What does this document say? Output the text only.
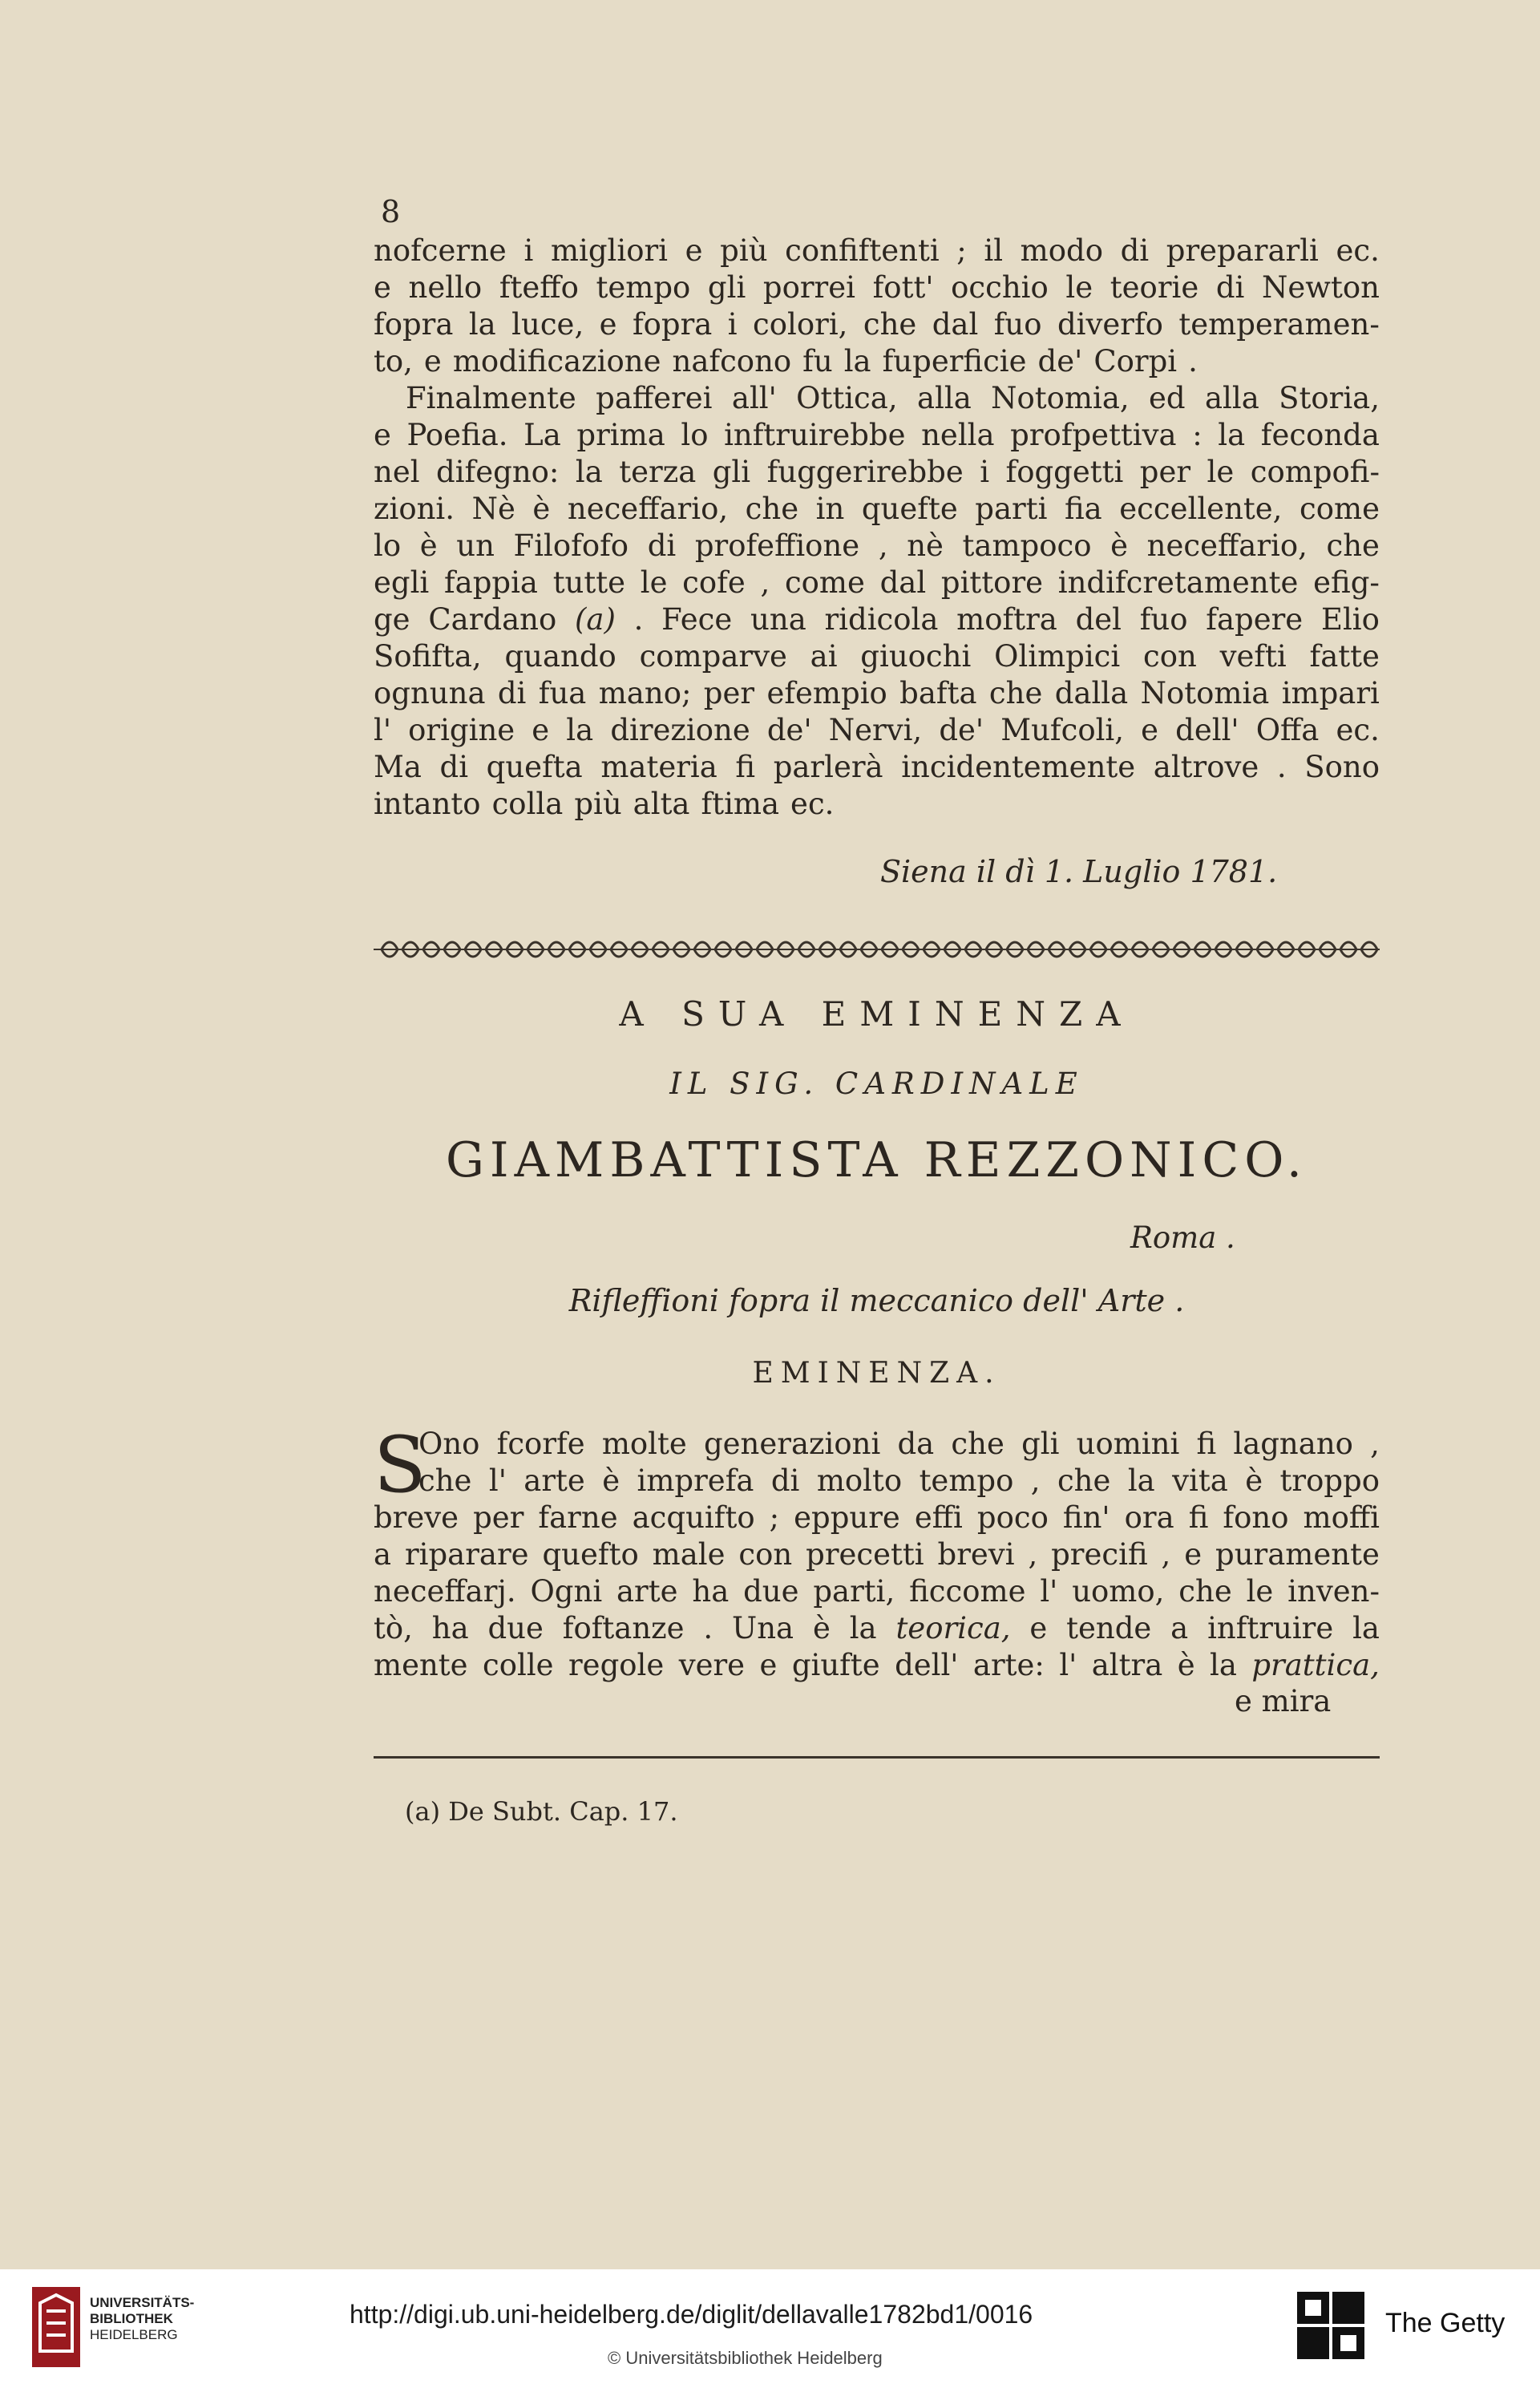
8
nofcerne i migliori e più confiftenti ; il modo di prepararli ec.
e nello fteffo tempo gli porrei fott' occhio le teorie di Newton
fopra la luce, e fopra i colori, che dal fuo diverfo temperamen-
to, e modificazione nafcono fu la fuperficie de' Corpi .
Finalmente pafferei all' Ottica, alla Notomia, ed alla Storia,
e Poefia. La prima lo inftruirebbe nella profpettiva : la feconda
nel difegno: la terza gli fuggerirebbe i foggetti per le compofi-
zioni. Nè è neceffario, che in quefte parti fia eccellente, come
lo è un Filofofo di profeffione , nè tampoco è neceffario, che
egli fappia tutte le cofe , come dal pittore indifcretamente efig-
ge Cardano (a) . Fece una ridicola moftra del fuo fapere Elio
Sofifta, quando comparve ai giuochi Olimpici con vefti fatte
ognuna di fua mano; per efempio bafta che dalla Notomia impari
l' origine e la direzione de' Nervi, de' Mufcoli, e dell' Offa ec.
Ma di quefta materia fi parlerà incidentemente altrove . Sono
intanto colla più alta ftima ec.
Siena il dì 1. Luglio 1781.
A SUA EMINENZA
IL SIG. CARDINALE
GIAMBATTISTA REZZONICO.
Roma .
Rifleffioni fopra il meccanico dell' Arte .
EMINENZA.
S
Ono fcorfe molte generazioni da che gli uomini fi lagnano ,
che l' arte è imprefa di molto tempo , che la vita è troppo
breve per farne acquifto ; eppure effi poco fin' ora fi fono moffi
a riparare quefto male con precetti brevi , precifi , e puramente
neceffarj. Ogni arte ha due parti, ficcome l' uomo, che le inven-
tò, ha due foftanze . Una è la teorica, e tende a inftruire la
mente colle regole vere e giufte dell' arte: l' altra è la prattica,
e mira
(a) De Subt. Cap. 17.
UNIVERSITÄTS-
BIBLIOTHEK
HEIDELBERG
http://digi.ub.uni-heidelberg.de/diglit/dellavalle1782bd1/0016
© Universitätsbibliothek Heidelberg
The Getty
